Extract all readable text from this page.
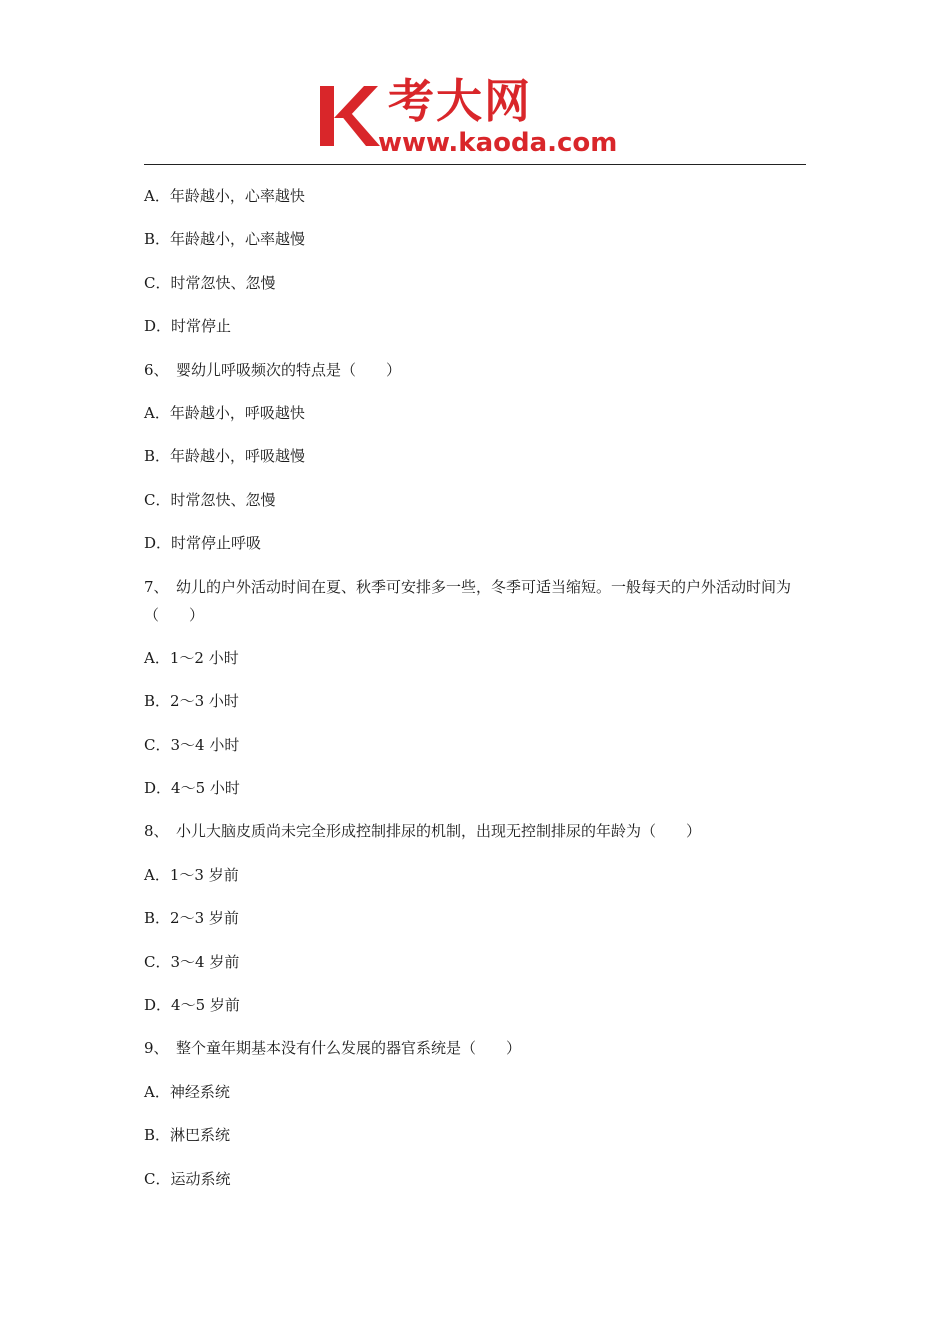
考大网
www.kaoda.com
A．年龄越小，心率越快
B．年龄越小，心率越慢
C．时常忽快、忽慢
D．时常停止
6、　婴幼儿呼吸频次的特点是（　　）
A．年龄越小，呼吸越快
B．年龄越小，呼吸越慢
C．时常忽快、忽慢
D．时常停止呼吸
7、　幼儿的户外活动时间在夏、秋季可安排多一些，冬季可适当缩短。一般每天的户外活动时间为（　　）
A．1～2 小时
B．2～3 小时
C．3～4 小时
D．4～5 小时
8、　小儿大脑皮质尚未完全形成控制排尿的机制，出现无控制排尿的年龄为（　　）
A．1～3 岁前
B．2～3 岁前
C．3～4 岁前
D．4～5 岁前
9、　整个童年期基本没有什么发展的器官系统是（　　）
A．神经系统
B．淋巴系统
C．运动系统
